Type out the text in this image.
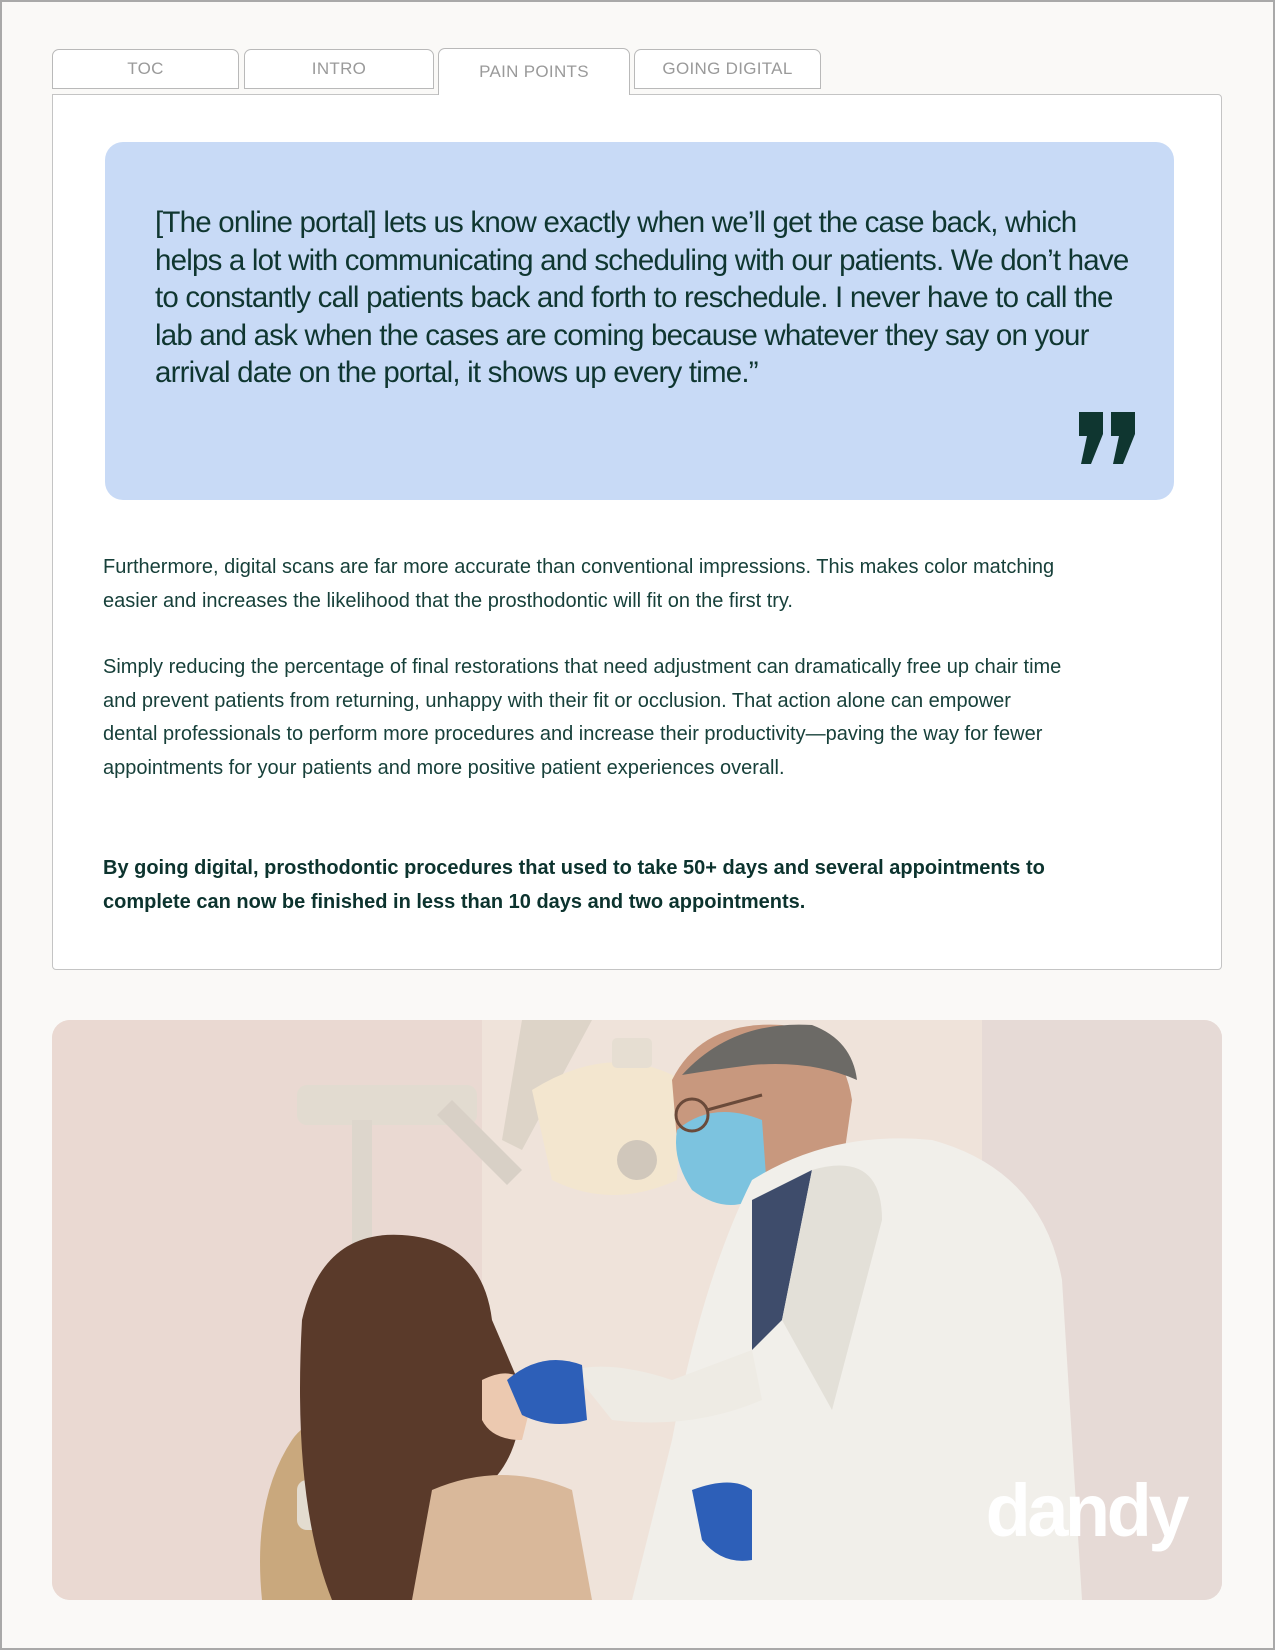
TOC	INTRO	PAIN POINTS	GOING DIGITAL
[The online portal] lets us know exactly when we’ll get the case back, which helps a lot with communicating and scheduling with our patients. We don’t have to constantly call patients back and forth to reschedule. I never have to call the lab and ask when the cases are coming because whatever they say on your arrival date on the portal, it shows up every time.”

Furthermore, digital scans are far more accurate than conventional impressions. This makes color matching easier and increases the likelihood that the prosthodontic will fit on the first try.

Simply reducing the percentage of final restorations that need adjustment can dramatically free up chair time and prevent patients from returning, unhappy with their fit or occlusion. That action alone can empower dental professionals to perform more procedures and increase their productivity—paving the way for fewer appointments for your patients and more positive patient experiences overall.

By going digital, prosthodontic procedures that used to take 50+ days and several appointments to complete can now be finished in less than 10 days and two appointments.

dandy
